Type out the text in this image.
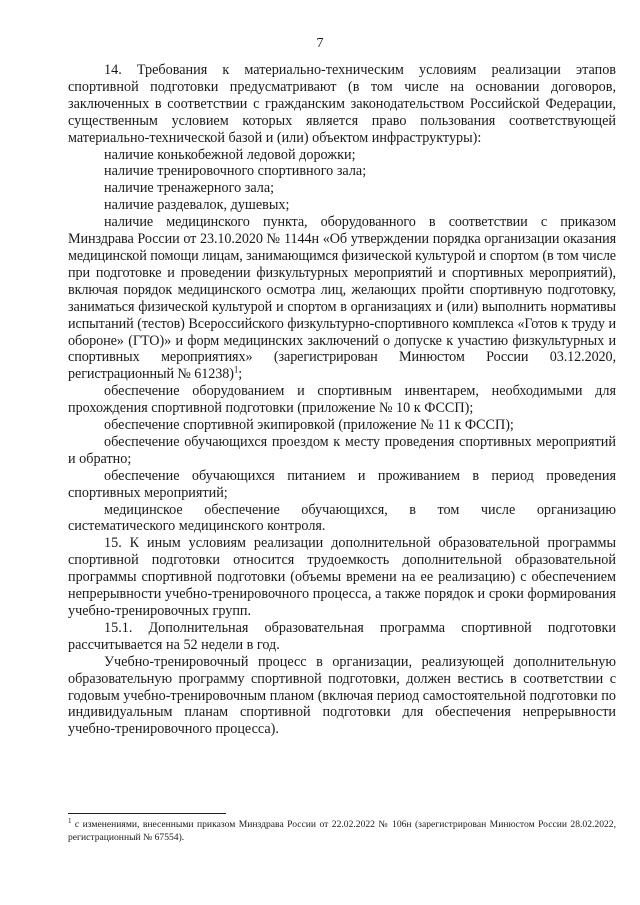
7

14. Требования к материально-техническим условиям реализации этапов спортивной подготовки предусматривают (в том числе на основании договоров, заключенных в соответствии с гражданским законодательством Российской Федерации, существенным условием которых является право пользования соответствующей материально-технической базой и (или) объектом инфраструктуры):

наличие конькобежной ледовой дорожки;

наличие тренировочного спортивного зала;

наличие тренажерного зала;

наличие раздевалок, душевых;

наличие медицинского пункта, оборудованного в соответствии с приказом Минздрава России от 23.10.2020 № 1144н «Об утверждении порядка организации оказания медицинской помощи лицам, занимающимся физической культурой и спортом (в том числе при подготовке и проведении физкультурных мероприятий и спортивных мероприятий), включая порядок медицинского осмотра лиц, желающих пройти спортивную подготовку, заниматься физической культурой и спортом в организациях и (или) выполнить нормативы испытаний (тестов) Всероссийского физкультурно-спортивного комплекса «Готов к труду и обороне» (ГТО)» и форм медицинских заключений о допуске к участию физкультурных и спортивных мероприятиях» (зарегистрирован Минюстом России 03.12.2020, регистрационный № 61238)$^1$;

обеспечение оборудованием и спортивным инвентарем, необходимыми для прохождения спортивной подготовки (приложение № 10 к ФССП);

обеспечение спортивной экипировкой (приложение № 11 к ФССП);

обеспечение обучающихся проездом к месту проведения спортивных мероприятий и обратно;

обеспечение обучающихся питанием и проживанием в период проведения спортивных мероприятий;

медицинское обеспечение обучающихся, в том числе организацию систематического медицинского контроля.

15. К иным условиям реализации дополнительной образовательной программы спортивной подготовки относится трудоемкость дополнительной образовательной программы спортивной подготовки (объемы времени на ее реализацию) с обеспечением непрерывности учебно-тренировочного процесса, а также порядок и сроки формирования учебно-тренировочных групп.

15.1. Дополнительная образовательная программа спортивной подготовки рассчитывается на 52 недели в год.

Учебно-тренировочный процесс в организации, реализующей дополнительную образовательную программу спортивной подготовки, должен вестись в соответствии с годовым учебно-тренировочным планом (включая период самостоятельной подготовки по индивидуальным планам спортивной подготовки для обеспечения непрерывности учебно-тренировочного процесса).

$^1$ с изменениями, внесенными приказом Минздрава России от 22.02.2022 № 106н (зарегистрирован Минюстом России 28.02.2022, регистрационный № 67554).
